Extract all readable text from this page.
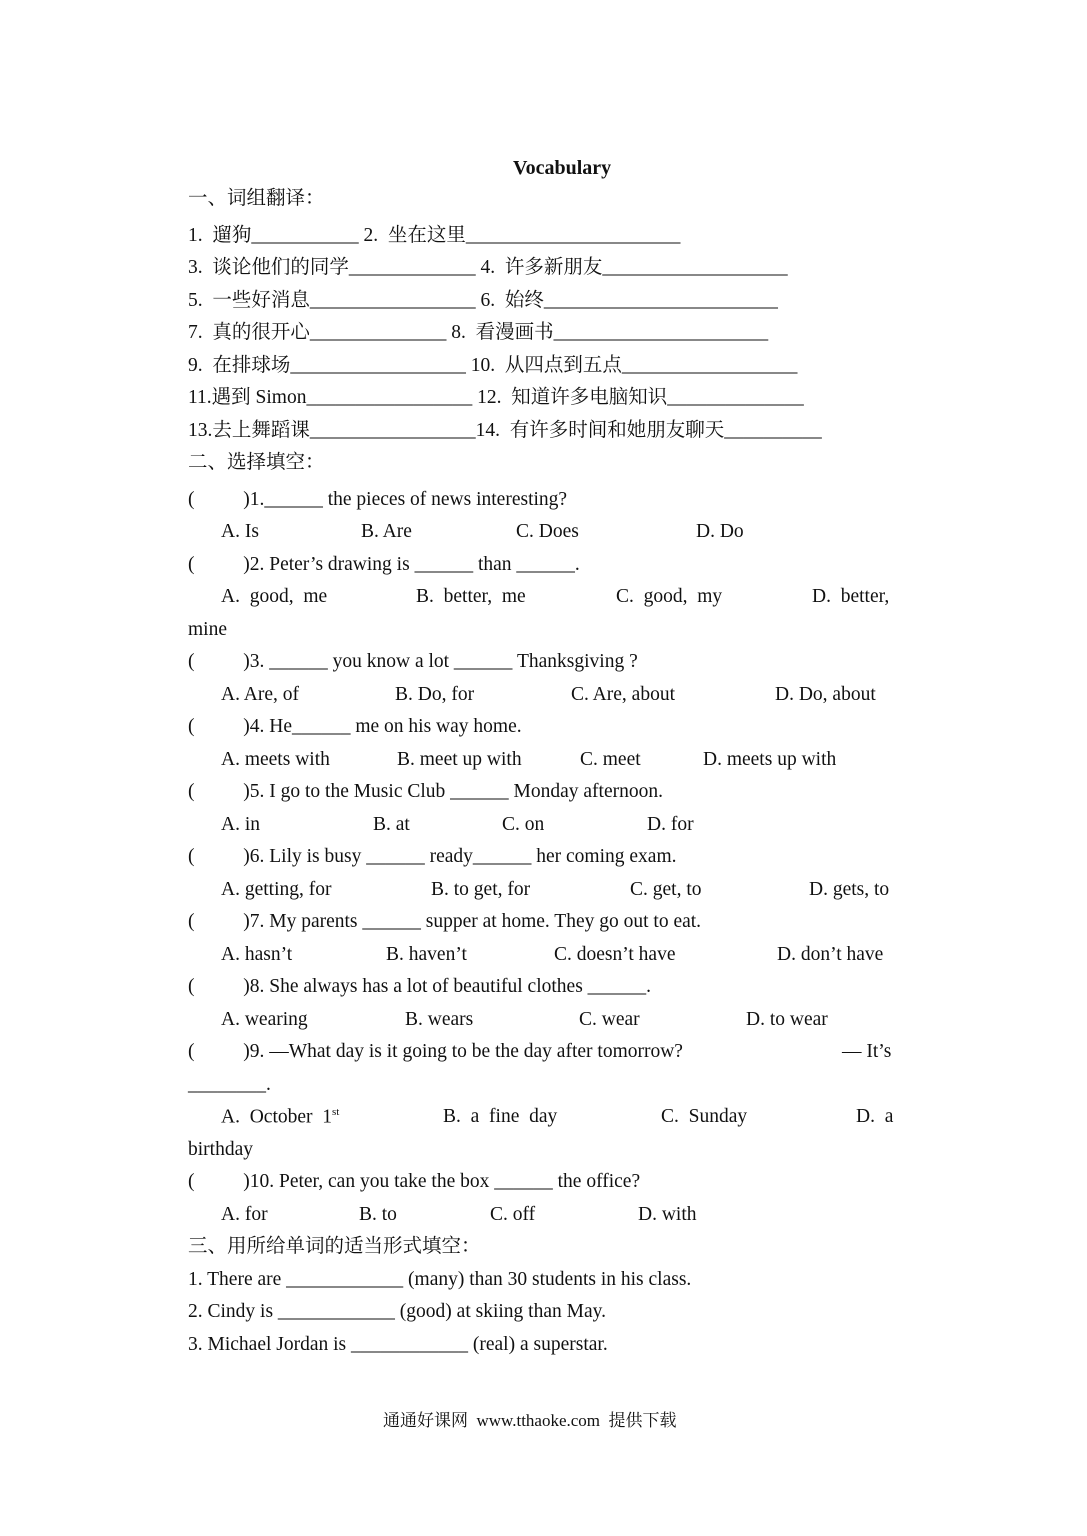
Vocabulary
一、词组翻译：
1.  遛狗___________ 2.  坐在这里______________________
3.  谈论他们的同学_____________ 4.  许多新朋友___________________
5.  一些好消息_________________ 6.  始终________________________
7.  真的很开心______________ 8.  看漫画书______________________
9.  在排球场__________________ 10.  从四点到五点__________________
11.遇到 Simon_________________ 12.  知道许多电脑知识______________
13.去上舞蹈课_________________14.  有许多时间和她朋友聊天__________
二、选择填空：
(          )1.______ the pieces of news interesting?
A. Is	B. Are	C. Does	D. Do
(          )2. Peter’s drawing is ______ than ______.
A.  good,  me	B.  better,  me	C.  good,  my	D.  better,
mine
(          )3. ______ you know a lot ______ Thanksgiving ?
A. Are, of	B. Do, for	C. Are, about	D. Do, about
(          )4. He______ me on his way home.
A. meets with	B. meet up with	C. meet	D. meets up with
(          )5. I go to the Music Club ______ Monday afternoon.
A. in	B. at	C. on	D. for
(          )6. Lily is busy ______ ready______ her coming exam.
A. getting, for	B. to get, for	C. get, to	D. gets, to
(          )7. My parents ______ supper at home. They go out to eat.
A. hasn’t	B. haven’t	C. doesn’t have	D. don’t have
(          )8. She always has a lot of beautiful clothes ______.
A. wearing	B. wears	C. wear	D. to wear
(          )9. —What day is it going to be the day after tomorrow?	— It’s
________.
A.  October  1st	B.  a  fine  day	C.  Sunday	D.  a
birthday
(          )10. Peter, can you take the box ______ the office?
A. for	B. to	C. off	D. with
三、用所给单词的适当形式填空：
1. There are ____________ (many) than 30 students in his class.
2. Cindy is ____________ (good) at skiing than May.
3. Michael Jordan is ____________ (real) a superstar.
通通好课网  www.tthaoke.com  提供下载
